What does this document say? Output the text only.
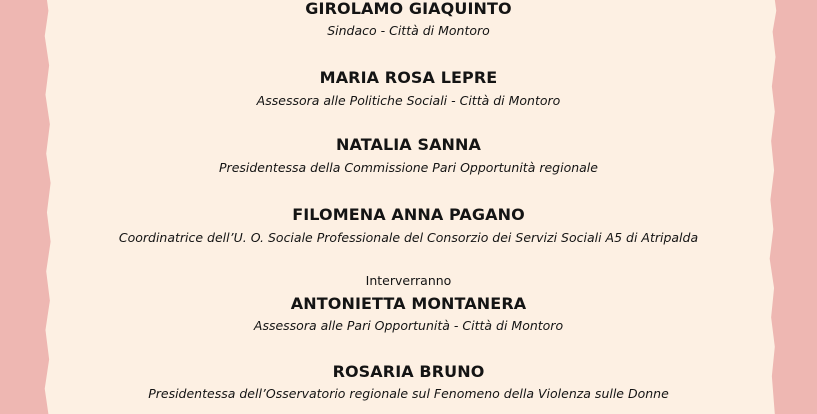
GIROLAMO GIAQUINTO
Sindaco - Città di Montoro
MARIA ROSA LEPRE
Assessora alle Politiche Sociali - Città di Montoro
NATALIA SANNA
Presidentessa della Commissione Pari Opportunità regionale
FILOMENA ANNA PAGANO
Coordinatrice dell’U. O. Sociale Professionale del Consorzio dei Servizi Sociali A5 di Atripalda
Interverranno
ANTONIETTA MONTANERA
Assessora alle Pari Opportunità - Città di Montoro
ROSARIA BRUNO
Presidentessa dell’Osservatorio regionale sul Fenomeno della Violenza sulle Donne
